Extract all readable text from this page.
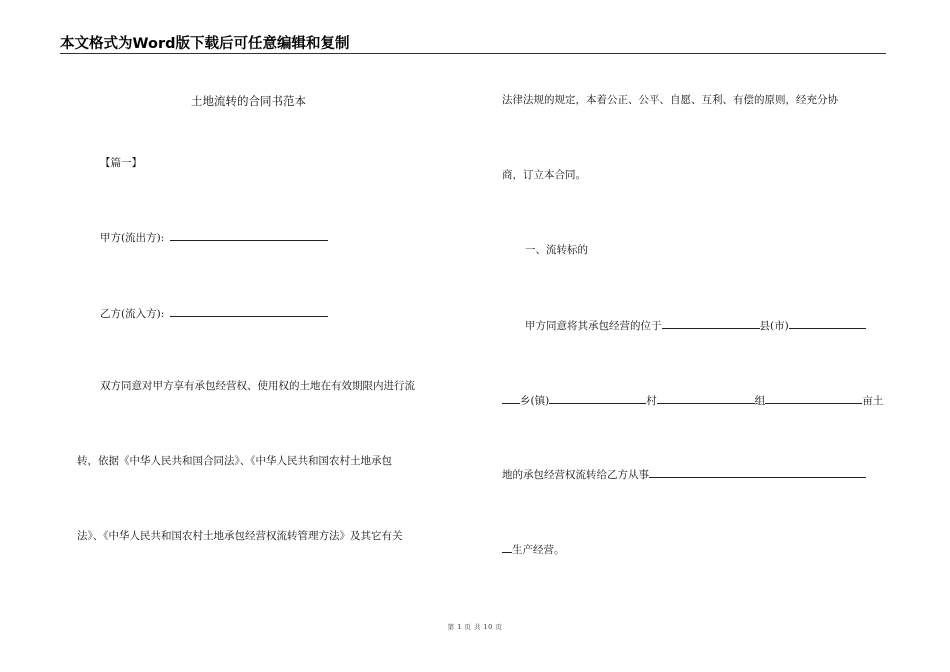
本文格式为Word版下载后可任意编辑和复制
土地流转的合同书范本
【篇一】
甲方(流出方):
乙方(流入方):
双方同意对甲方享有承包经营权、使用权的土地在有效期限内进行流
转，依据《中华人民共和国合同法》、《中华人民共和国农村土地承包
法》、《中华人民共和国农村土地承包经营权流转管理方法》及其它有关
法律法规的规定，本着公正、公平、自愿、互利、有偿的原则，经充分协
商，订立本合同。
一、流转标的
甲方同意将其承包经营的位于	县(市)
乡(镇)	村	组	亩土
地的承包经营权流转给乙方从事
生产经营。
第 1 页 共 10 页
